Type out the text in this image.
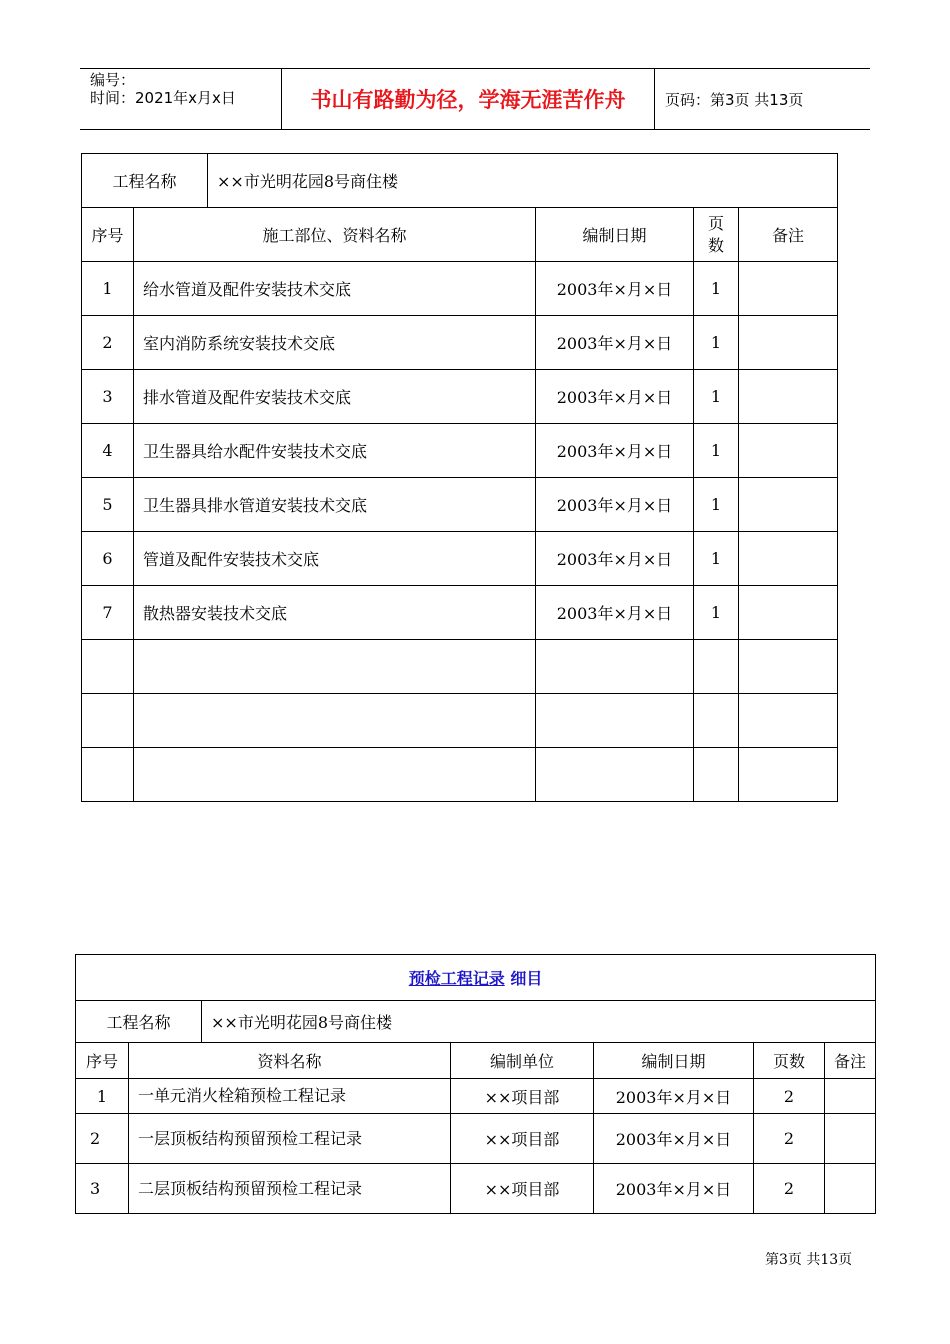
编号：
时间：2021年x月x日	书山有路勤为径，学海无涯苦作舟	页码：第3页 共13页
工程名称		××市光明花园8号商住楼			
序号	施工部位、资料名称		编制日期	页数	备注
1	给水管道及配件安装技术交底		2003年×月×日	1	
2	室内消防系统安装技术交底		2003年×月×日	1	
3	排水管道及配件安装技术交底		2003年×月×日	1	
4	卫生器具给水配件安装技术交底		2003年×月×日	1	
5	卫生器具排水管道安装技术交底		2003年×月×日	1	
6	管道及配件安装技术交底		2003年×月×日	1	
7	散热器安装技术交底		2003年×月×日	1	

预检工程记录 细目						
工程名称		××市光明花园8号商住楼				
序号	资料名称		编制单位	编制日期	页数	备注
1	一单元消火栓箱预检工程记录		××项目部	2003年×月×日	2	
2	一层顶板结构预留预检工程记录		××项目部	2003年×月×日	2	
3	二层顶板结构预留预检工程记录		××项目部	2003年×月×日	2	
第3页 共13页
